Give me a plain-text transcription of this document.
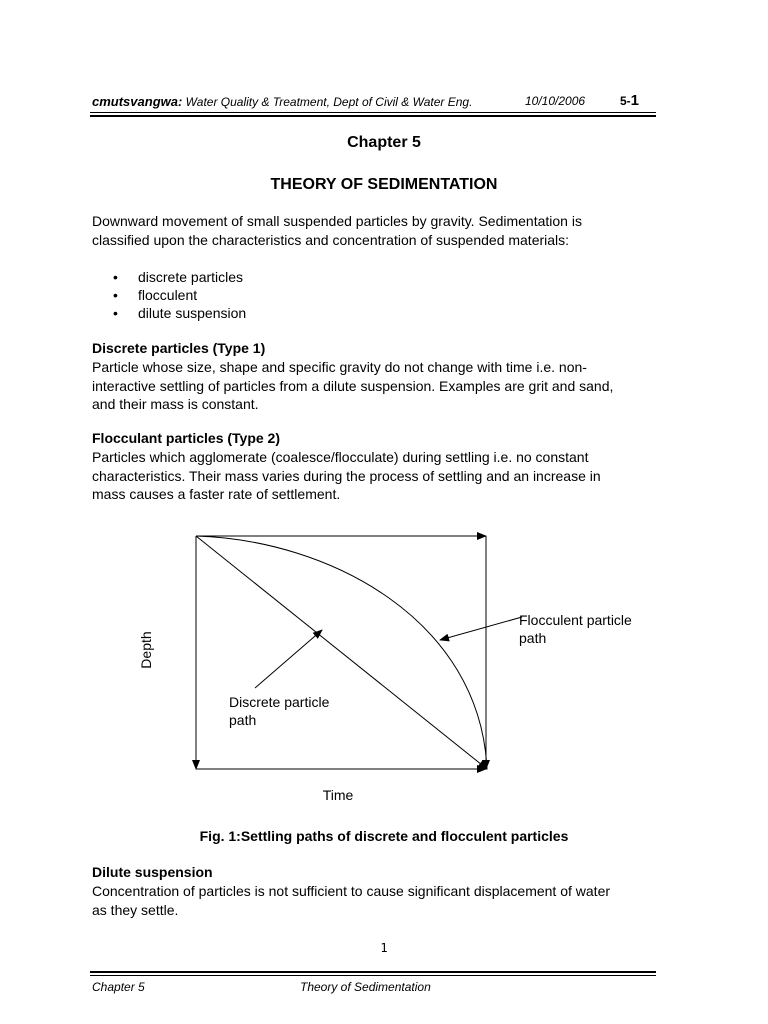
cmutsvangwa: Water Quality & Treatment, Dept of Civil & Water Eng.	10/10/2006	5-1
Chapter 5
THEORY OF SEDIMENTATION
Downward movement of small suspended particles by gravity. Sedimentation is
classified upon the characteristics and concentration of suspended materials:
• discrete particles
• flocculent
• dilute suspension
Discrete particles (Type 1)
Particle whose size, shape and specific gravity do not change with time i.e. non-
interactive settling of particles from a dilute suspension. Examples are grit and sand,
and their mass is constant.
Flocculant particles (Type 2)
Particles which agglomerate (coalesce/flocculate) during settling i.e. no constant
characteristics. Their mass varies during the process of settling and an increase in
mass causes a faster rate of settlement.
Depth
Time
Flocculent particle
path
Discrete particle
path
Fig. 1:Settling paths of discrete and flocculent particles
Dilute suspension
Concentration of particles is not sufficient to cause significant displacement of water
as they settle.
1
Chapter 5	Theory of Sedimentation
